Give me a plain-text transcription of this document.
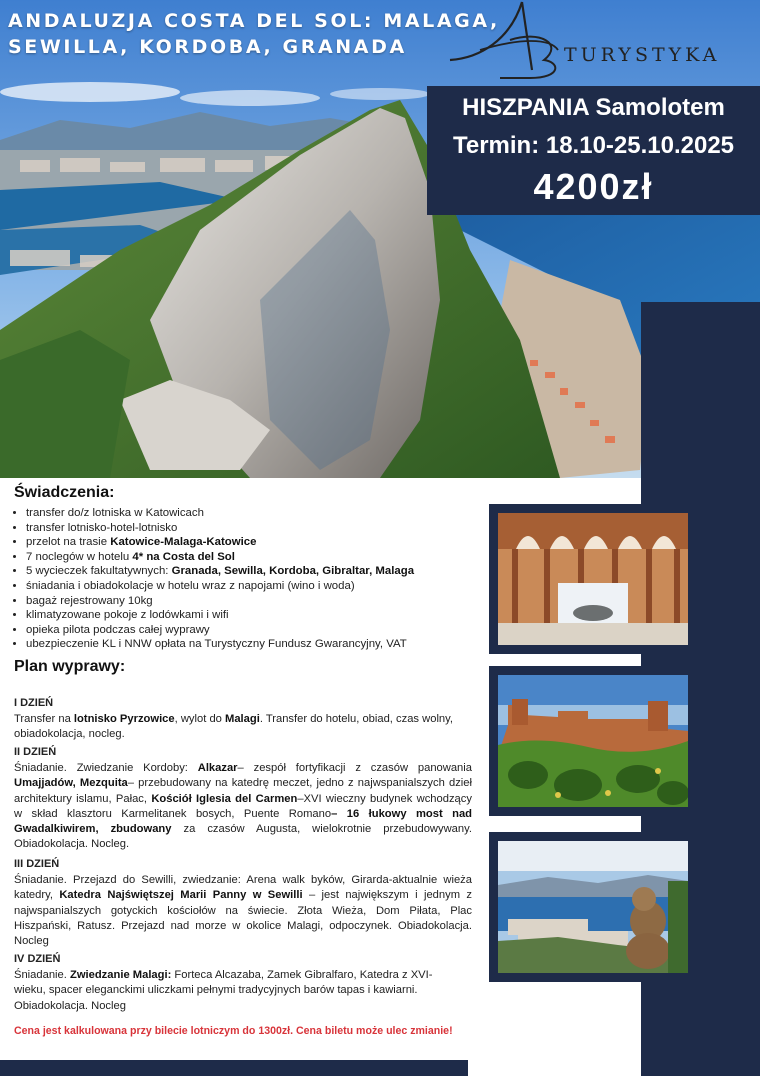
ANDALUZJA COSTA DEL SOL: MALAGA,
SEWILLA, KORDOBA, GRANADA	TURYSTYKA
HISZPANIA Samolotem
Termin: 18.10-25.10.2025
4200zł
Świadczenia:
• transfer do/z lotniska w Katowicach
• transfer lotnisko-hotel-lotnisko
• przelot na trasie Katowice-Malaga-Katowice
• 7 noclegów w hotelu 4* na Costa del Sol
• 5 wycieczek fakultatywnych: Granada, Sewilla, Kordoba, Gibraltar, Malaga
• śniadania i obiadokolacje w hotelu wraz z napojami (wino i woda)
• bagaż rejestrowany 10kg
• klimatyzowane pokoje z lodówkami i wifi
• opieka pilota podczas całej wyprawy
• ubezpieczenie KL i NNW opłata na Turystyczny Fundusz Gwarancyjny, VAT
Plan wyprawy:
I DZIEŃ

Transfer na lotnisko Pyrzowice, wylot do Malagi. Transfer do hotelu, obiad, czas wolny, obiadokolacja, nocleg.

II DZIEŃ

Śniadanie. Zwiedzanie Kordoby: Alkazar– zespół fortyfikacji z czasów panowania Umajjadów, Mezquita– przebudowany na katedrę meczet, jedno z najwspanialszych dzieł architektury islamu, Pałac, Kościół Iglesia del Carmen–XVI wieczny budynek wchodzący w skład klasztoru Karmelitanek bosych, Puente Romano– 16 łukowy most nad Gwadalkiwirem, zbudowany za czasów Augusta, wielokrotnie przebudowywany. Obiadokolacja. Nocleg.

III DZIEŃ

Śniadanie. Przejazd do Sewilli, zwiedzanie: Arena walk byków, Girarda-aktualnie wieża katedry, Katedra Najświętszej Marii Panny w Sewilli – jest największym i jednym z najwspanialszych gotyckich kościołów na świecie. Złota Wieża, Dom Piłata, Plac Hiszpański, Ratusz. Przejazd nad morze w okolice Malagi, odpoczynek. Obiadokolacja. Nocleg

IV DZIEŃ

Śniadanie. Zwiedzanie Malagi: Forteca Alcazaba, Zamek Gibralfaro, Katedra z XVI-wieku, spacer eleganckimi uliczkami pełnymi tradycyjnych barów tapas i kawiarni. Obiadokolacja. Nocleg

Cena jest kalkulowana przy bilecie lotniczym do 1300zł. Cena biletu może ulec zmianie!
